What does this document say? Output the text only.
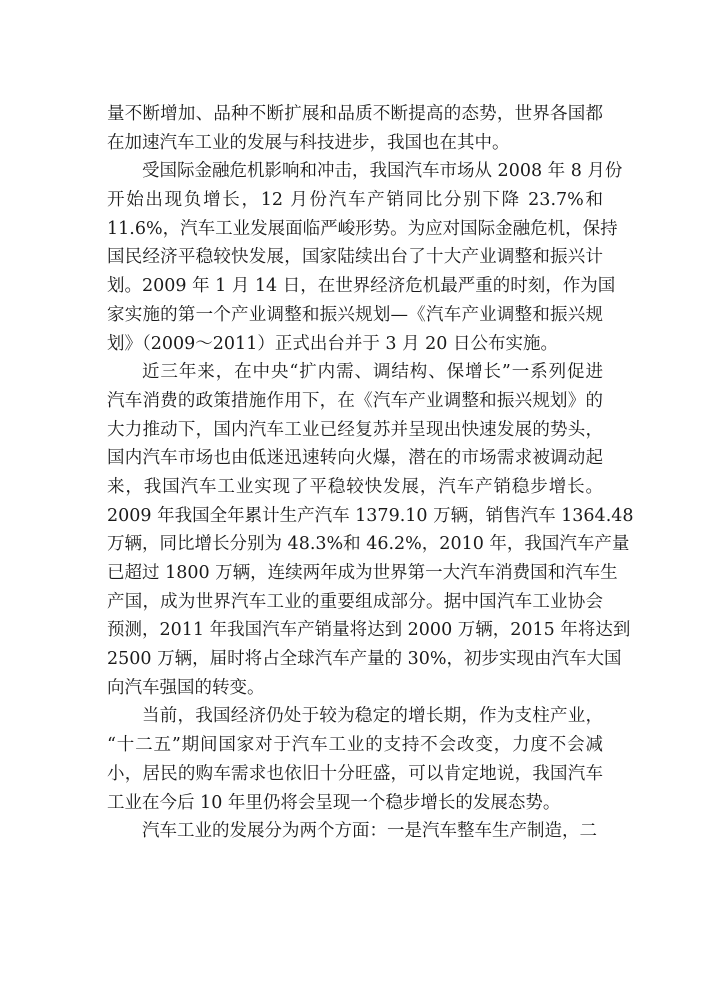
量不断增加、品种不断扩展和品质不断提高的态势，世界各国都
在加速汽车工业的发展与科技进步，我国也在其中。
受国际金融危机影响和冲击，我国汽车市场从 2008 年 8 月份
开始出现负增长，12 月份汽车产销同比分别下降 23.7%和
11.6%，汽车工业发展面临严峻形势。为应对国际金融危机，保持
国民经济平稳较快发展，国家陆续出台了十大产业调整和振兴计
划。2009 年 1 月 14 日，在世界经济危机最严重的时刻，作为国
家实施的第一个产业调整和振兴规划—《汽车产业调整和振兴规
划》（2009～2011）正式出台并于 3 月 20 日公布实施。
近三年来，在中央“扩内需、调结构、保增长”一系列促进
汽车消费的政策措施作用下，在《汽车产业调整和振兴规划》的
大力推动下，国内汽车工业已经复苏并呈现出快速发展的势头，
国内汽车市场也由低迷迅速转向火爆，潜在的市场需求被调动起
来，我国汽车工业实现了平稳较快发展，汽车产销稳步增长。
2009 年我国全年累计生产汽车 1379.10 万辆，销售汽车 1364.48
万辆，同比增长分别为 48.3%和 46.2%，2010 年，我国汽车产量
已超过 1800 万辆，连续两年成为世界第一大汽车消费国和汽车生
产国，成为世界汽车工业的重要组成部分。据中国汽车工业协会
预测，2011 年我国汽车产销量将达到 2000 万辆，2015 年将达到
2500 万辆，届时将占全球汽车产量的 30%，初步实现由汽车大国
向汽车强国的转变。
当前，我国经济仍处于较为稳定的增长期，作为支柱产业，
“十二五”期间国家对于汽车工业的支持不会改变，力度不会减
小，居民的购车需求也依旧十分旺盛，可以肯定地说，我国汽车
工业在今后 10 年里仍将会呈现一个稳步增长的发展态势。
汽车工业的发展分为两个方面：一是汽车整车生产制造，二
